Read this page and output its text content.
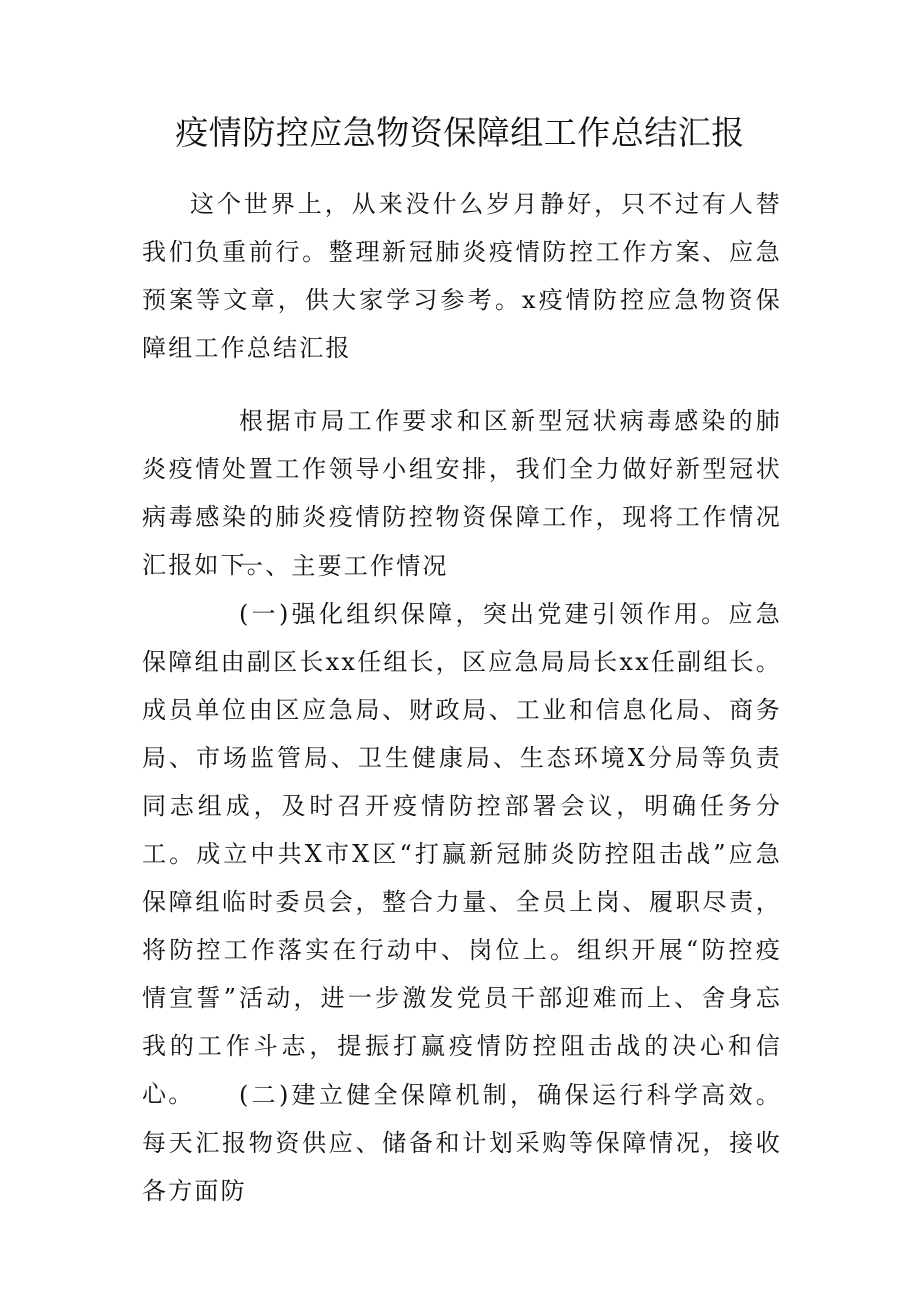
疫情防控应急物资保障组工作总结汇报

这个世界上，从来没什么岁月静好，只不过有人替我们负重前行。整理新冠肺炎疫情防控工作方案、应急预案等文章，供大家学习参考。x疫情防控应急物资保障组工作总结汇报

根据市局工作要求和区新型冠状病毒感染的肺炎疫情处置工作领导小组安排，我们全力做好新型冠状病毒感染的肺炎疫情防控物资保障工作，现将工作情况汇报如下。

一、主要工作情况

(一)强化组织保障，突出党建引领作用。应急保障组由副区长xx任组长，区应急局局长xx任副组长。成员单位由区应急局、财政局、工业和信息化局、商务局、市场监管局、卫生健康局、生态环境X分局等负责同志组成，及时召开疫情防控部署会议，明确任务分工。成立中共X市X区“打赢新冠肺炎防控阻击战”应急保障组临时委员会，整合力量、全员上岗、履职尽责，将防控工作落实在行动中、岗位上。组织开展“防控疫情宣誓”活动，进一步激发党员干部迎难而上、舍身忘我的工作斗志，提振打赢疫情防控阻击战的决心和信心。	(二)建立健全保障机制，确保运行科学高效。每天汇报物资供应、储备和计划采购等保障情况，接收各方面防
